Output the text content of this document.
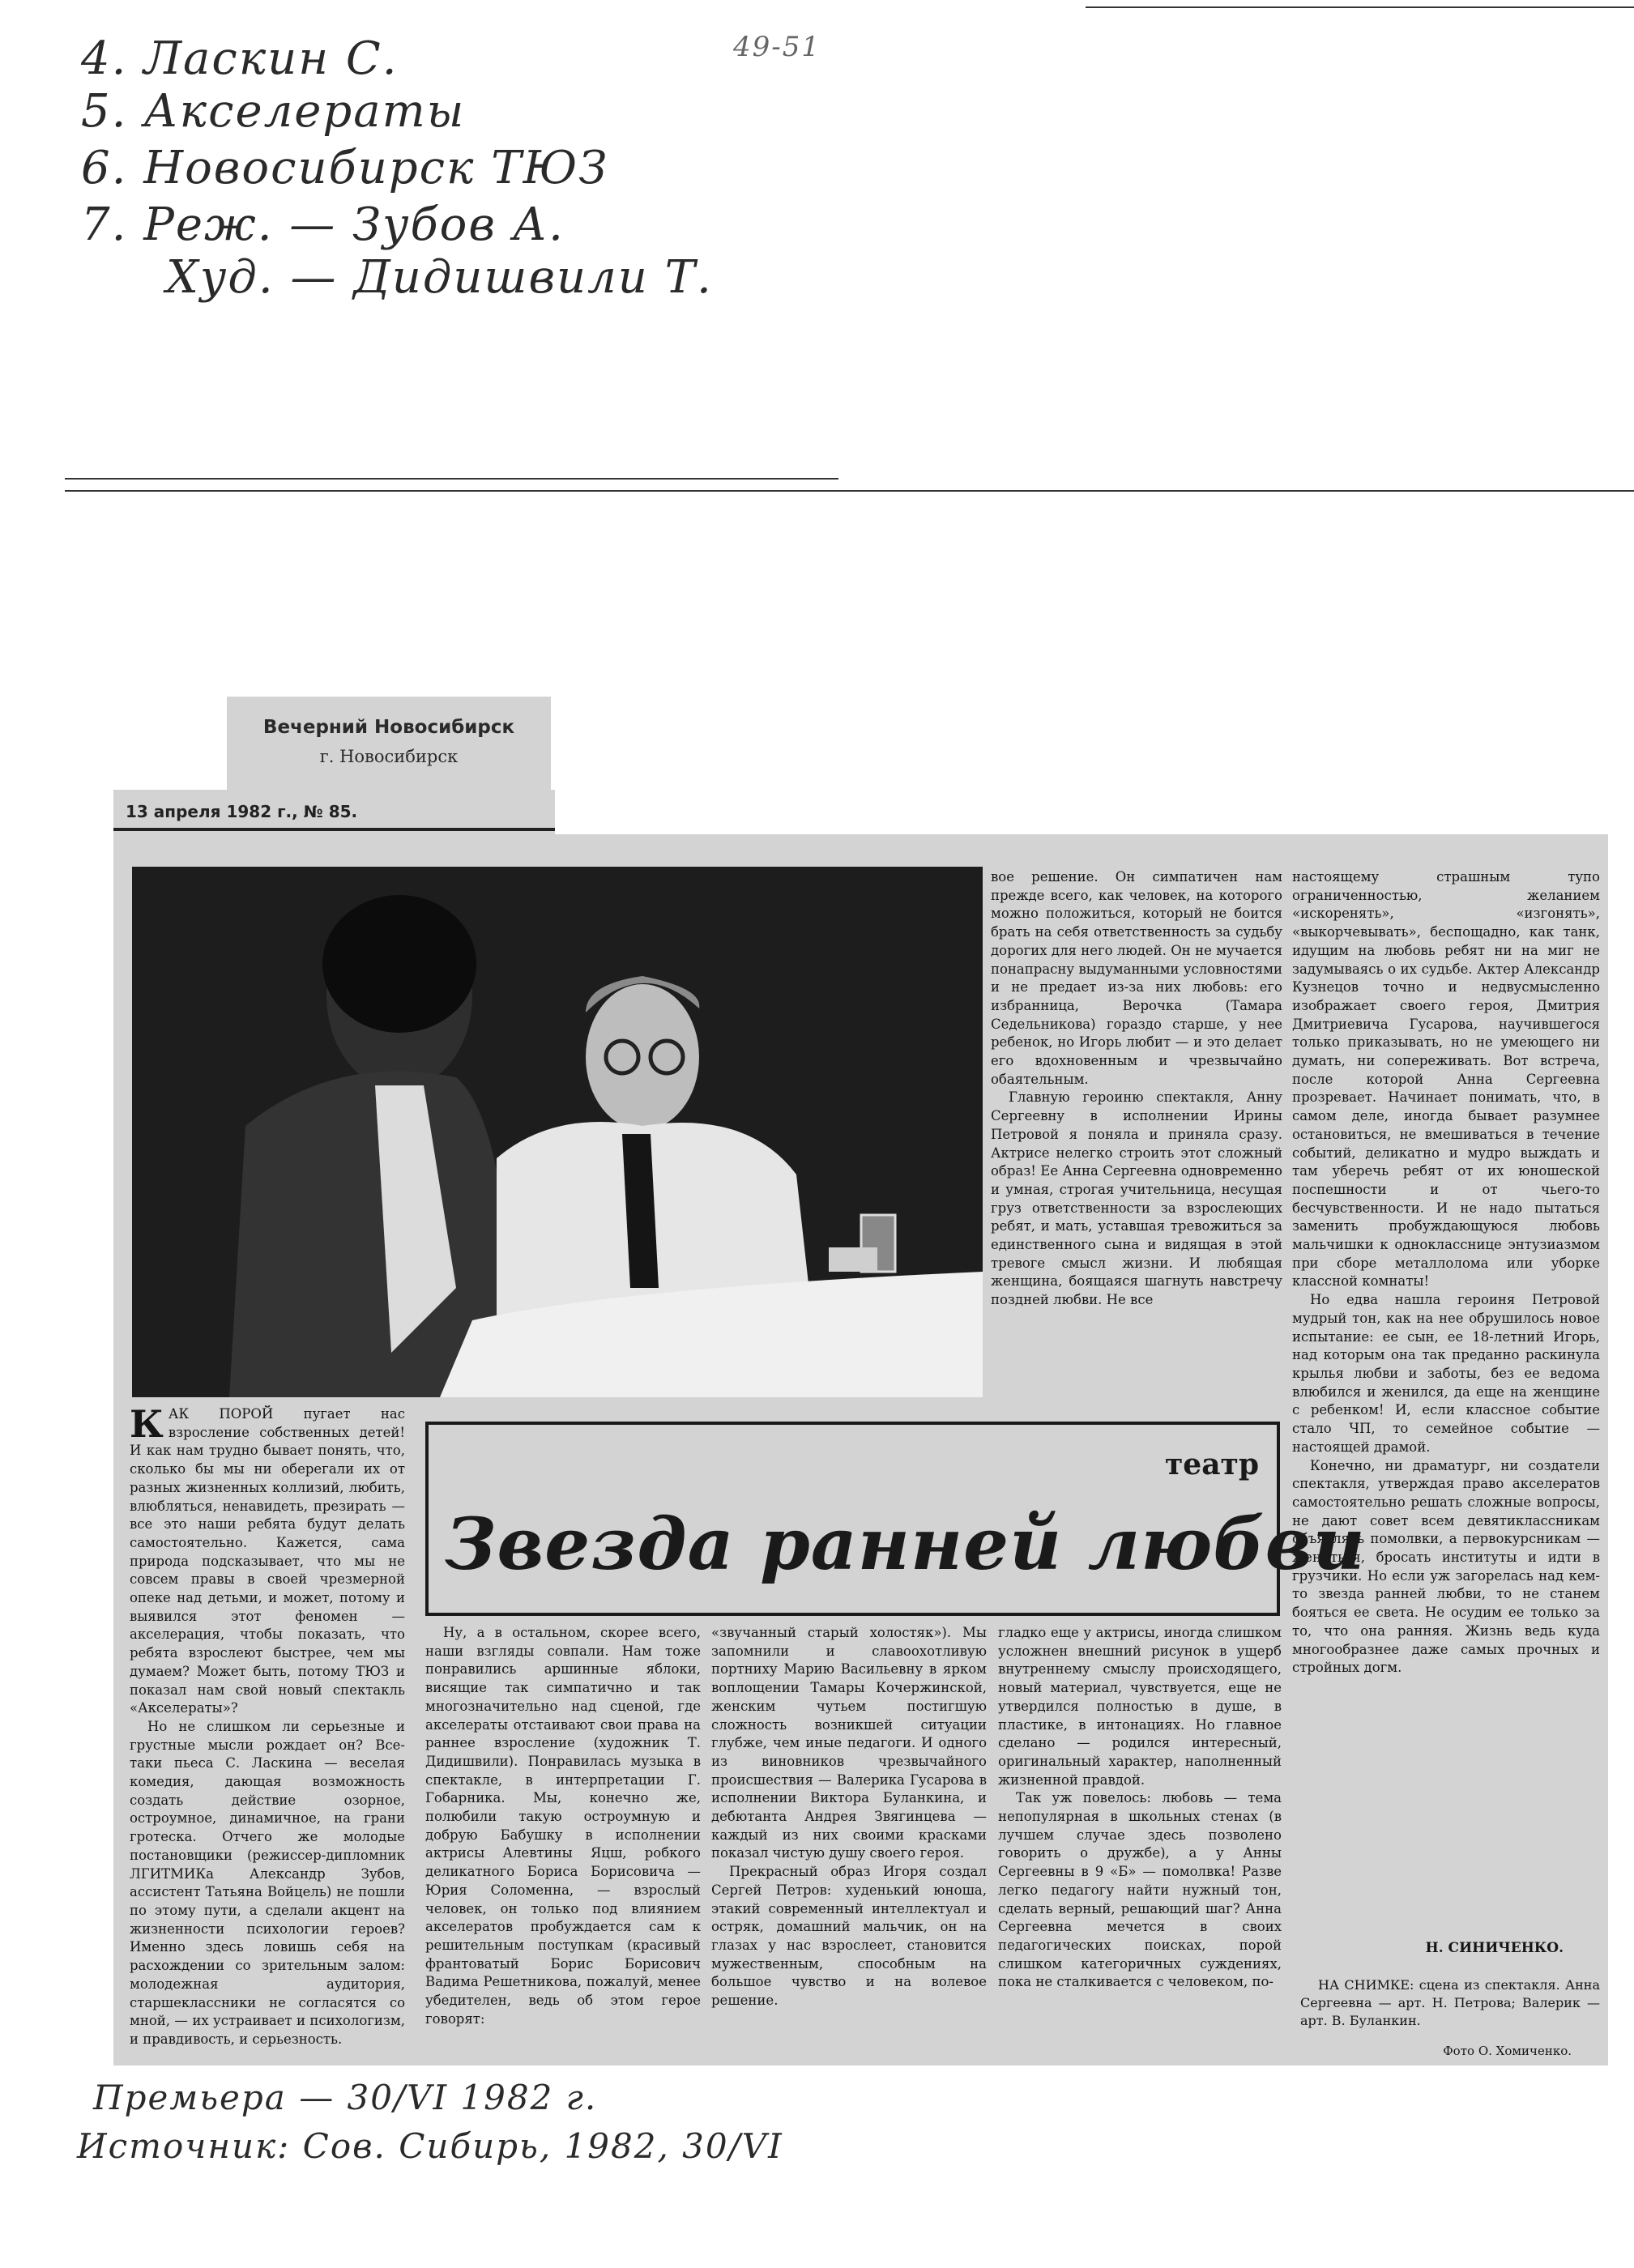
49-51
4. Ласкин С.
5. Акселераты
6. Новосибирск ТЮЗ
7. Реж. — Зубов А.
Худ. — Дидишвили Т.
Вечерний Новосибирск
г. Новосибирск
13 апреля 1982 г., № 85.

вое решение. Он симпатичен нам прежде всего, как человек, на которого можно положиться, который не боится брать на себя ответственность за судьбу дорогих для него людей. Он не мучается понапрасну выдуманными условностями и не предает из-за них любовь: его избранница, Верочка (Тамара Седельникова) гораздо старше, у нее ребенок, но Игорь любит — и это делает его вдохновенным и чрезвычайно обаятельным.

Главную героиню спектакля, Анну Сергеевну в исполнении Ирины Петровой я поняла и приняла сразу. Актрисе нелегко строить этот сложный образ! Ее Анна Сергеевна одновременно и умная, строгая учительница, несущая груз ответственности за взрослеющих ребят, и мать, уставшая тревожиться за единственного сына и видящая в этой тревоге смысл жизни. И любящая женщина, боящаяся шагнуть навстречу поздней любви. Не все

настоящему страшным тупо ограниченностью, желанием «искоренять», «изгонять», «выкорчевывать», беспощадно, как танк, идущим на любовь ребят ни на миг не задумываясь о их судьбе. Актер Александр Кузнецов точно и недвусмысленно изображает своего героя, Дмитрия Дмитриевича Гусарова, научившегося только приказывать, но не умеющего ни думать, ни сопереживать. Вот встреча, после которой Анна Сергеевна прозревает. Начинает понимать, что, в самом деле, иногда бывает разумнее остановиться, не вмешиваться в течение событий, деликатно и мудро выждать и там уберечь ребят от их юношеской поспешности и от чьего-то бесчувственности. И не надо пытаться заменить пробуждающуюся любовь мальчишки к однокласснице энтузиазмом при сборе металлолома или уборке классной комнаты!

Но едва нашла героиня Петровой мудрый тон, как на нее обрушилось новое испытание: ее сын, ее 18-летний Игорь, над которым она так преданно раскинула крылья любви и заботы, без ее ведома влюбился и женился, да еще на женщине с ребенком! И, если классное событие стало ЧП, то семейное событие — настоящей драмой.

Конечно, ни драматург, ни создатели спектакля, утверждая право акселератов самостоятельно решать сложные вопросы, не дают совет всем девятиклассникам объявлять помолвки, а первокурсникам — жениться, бросать институты и идти в грузчики. Но если уж загорелась над кем-то звезда ранней любви, то не станем бояться ее света. Не осудим ее только за то, что она ранняя. Жизнь ведь куда многообразнее даже самых прочных и стройных догм.

Н. СИНИЧЕНКО.

НА СНИМКЕ: сцена из спектакля. Анна Сергеевна — арт. Н. Петрова; Валерик — арт. В. Буланкин.

Фото О. Хомиченко.

КАК ПОРОЙ пугает нас взросление собственных детей! И как нам трудно бывает понять, что, сколько бы мы ни оберегали их от разных жизненных коллизий, любить, влюбляться, ненавидеть, презирать — все это наши ребята будут делать самостоятельно. Кажется, сама природа подсказывает, что мы не совсем правы в своей чрезмерной опеке над детьми, и может, потому и выявился этот феномен — акселерация, чтобы показать, что ребята взрослеют быстрее, чем мы думаем? Может быть, потому ТЮЗ и показал нам свой новый спектакль «Акселераты»?

Но не слишком ли серьезные и грустные мысли рождает он? Все-таки пьеса С. Ласкина — веселая комедия, дающая возможность создать действие озорное, остроумное, динамичное, на грани гротеска. Отчего же молодые постановщики (режиссер-дипломник ЛГИТМИКа Александр Зубов, ассистент Татьяна Войцель) не пошли по этому пути, а сделали акцент на жизненности психологии героев? Именно здесь ловишь себя на расхождении со зрительным залом: молодежная аудитория, старшеклассники не согласятся со мной, — их устраивает и психологизм, и правдивость, и серьезность.

театр
Звезда ранней любви

Ну, а в остальном, скорее всего, наши взгляды совпали. Нам тоже понравились аршинные яблоки, висящие так симпатично и так многозначительно над сценой, где акселераты отстаивают свои права на раннее взросление (художник Т. Дидишвили). Понравилась музыка в спектакле, в интерпретации Г. Гобарника. Мы, конечно же, полюбили такую остроумную и добрую Бабушку в исполнении актрисы Алевтины Яцш, робкого деликатного Бориса Борисовича — Юрия Соломенна, — взрослый человек, он только под влиянием акселератов пробуждается сам к решительным поступкам (красивый франтоватый Борис Борисович Вадима Решетникова, пожалуй, менее убедителен, ведь об этом герое говорят:

«звучанный старый холостяк»). Мы запомнили и славоохотливую портниху Марию Васильевну в ярком воплощении Тамары Кочержинской, женским чутьем постигшую сложность возникшей ситуации глубже, чем иные педагоги. И одного из виновников чрезвычайного происшествия — Валерика Гусарова в исполнении Виктора Буланкина, и дебютанта Андрея Звягинцева — каждый из них своими красками показал чистую душу своего героя.

Прекрасный образ Игоря создал Сергей Петров: худенький юноша, этакий современный интеллектуал и остряк, домашний мальчик, он на глазах у нас взрослеет, становится мужественным, способным на большое чувство и на волевое решение.

гладко еще у актрисы, иногда слишком усложнен внешний рисунок в ущерб внутреннему смыслу происходящего, новый материал, чувствуется, еще не утвердился полностью в душе, в пластике, в интонациях. Но главное сделано — родился интересный, оригинальный характер, наполненный жизненной правдой.

Так уж повелось: любовь — тема непопулярная в школьных стенах (в лучшем случае здесь позволено говорить о дружбе), а у Анны Сергеевны в 9 «Б» — помолвка! Разве легко педагогу найти нужный тон, сделать верный, решающий шаг? Анна Сергеевна мечется в своих педагогических поисках, порой слишком категоричных суждениях, пока не сталкивается с человеком, по-

Премьера — 30/VI 1982 г.
Источник: Сов. Сибирь, 1982, 30/VI
